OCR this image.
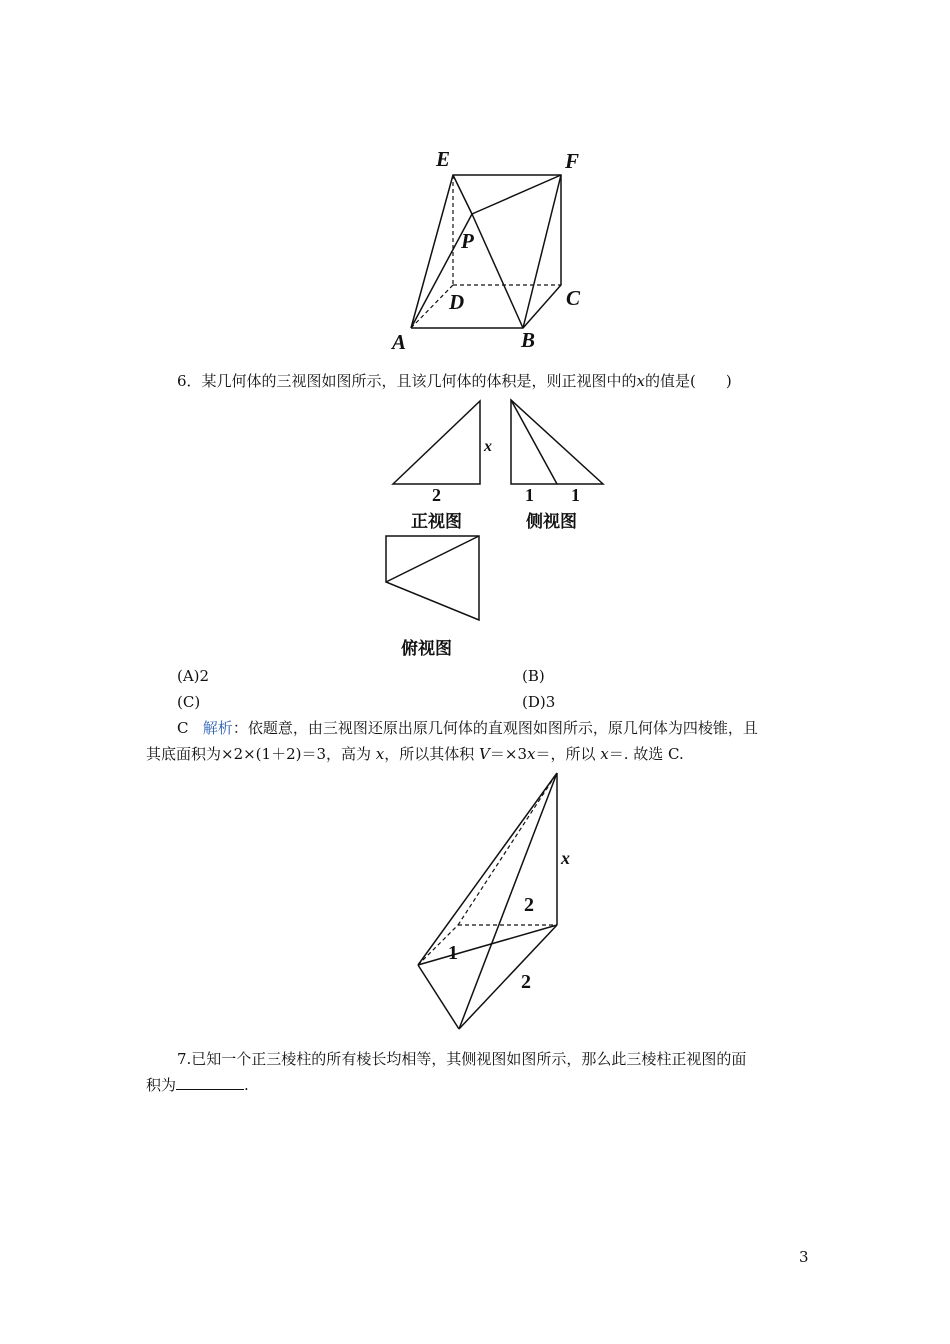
E	F
P
D	C
A	B
6．某几何体的三视图如图所示，且该几何体的体积是，则正视图中的x的值是(　　)
x
2
正视图
1 1
侧视图
俯视图
(A)2	(B)
(C)	(D)3
C 解析：依题意，由三视图还原出原几何体的直观图如图所示，原几何体为四棱锥，且
其底面积为×2×(1＋2)＝3，高为 x，所以其体积 V＝×3x＝，所以 x＝. 故选 C.
x
2
1
2
7.已知一个正三棱柱的所有棱长均相等，其侧视图如图所示，那么此三棱柱正视图的面
积为	.
3
